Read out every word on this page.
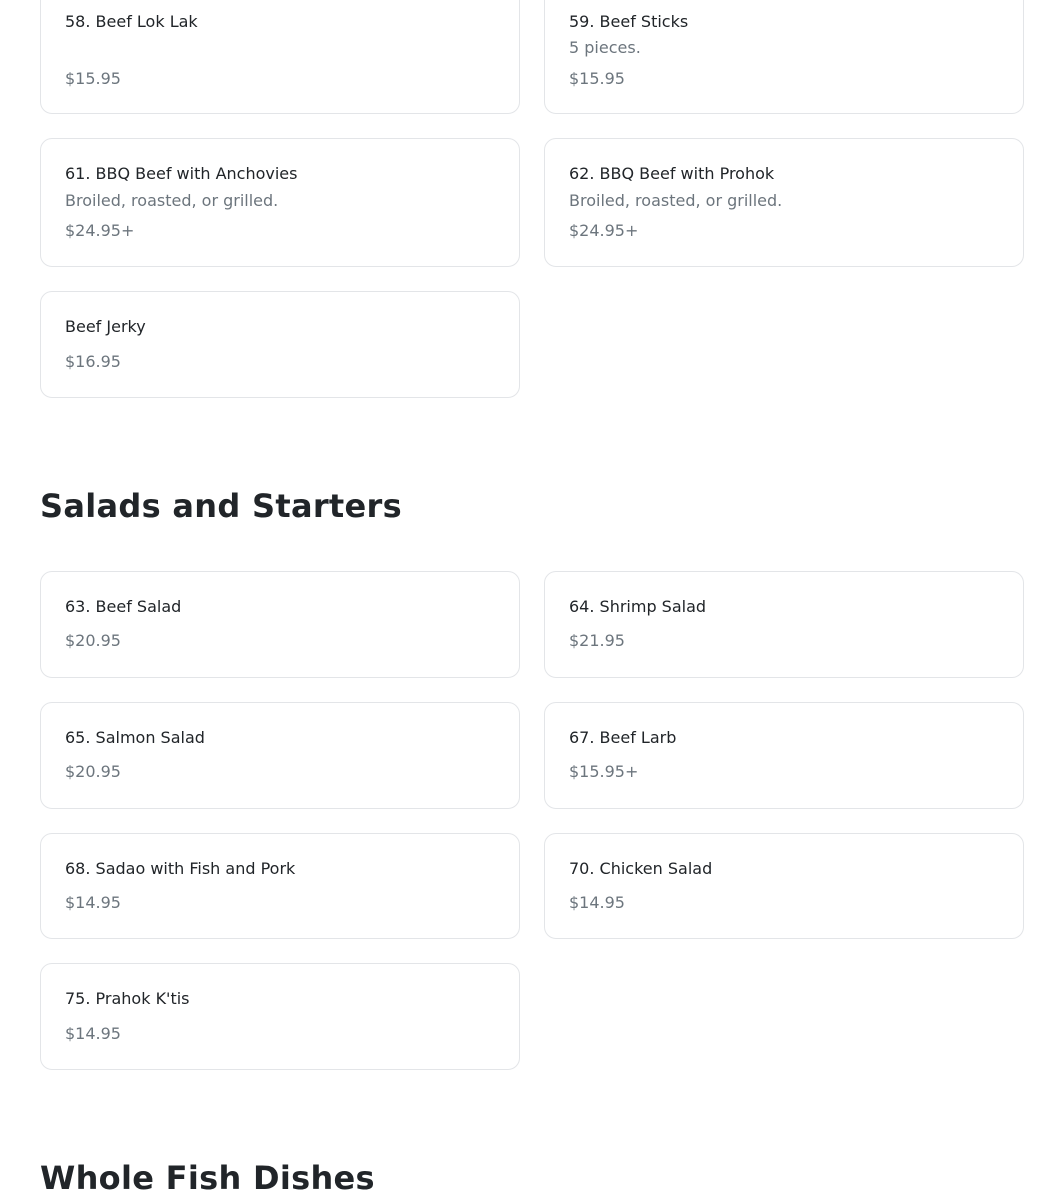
58. Beef Lok Lak
$15.95
59. Beef Sticks
5 pieces.
$15.95
61. BBQ Beef with Anchovies
Broiled, roasted, or grilled.
$24.95+
62. BBQ Beef with Prohok
Broiled, roasted, or grilled.
$24.95+
Beef Jerky
$16.95
Salads and Starters
63. Beef Salad
$20.95
64. Shrimp Salad
$21.95
65. Salmon Salad
$20.95
67. Beef Larb
$15.95+
68. Sadao with Fish and Pork
$14.95
70. Chicken Salad
$14.95
75. Prahok K'tis
$14.95
Whole Fish Dishes
